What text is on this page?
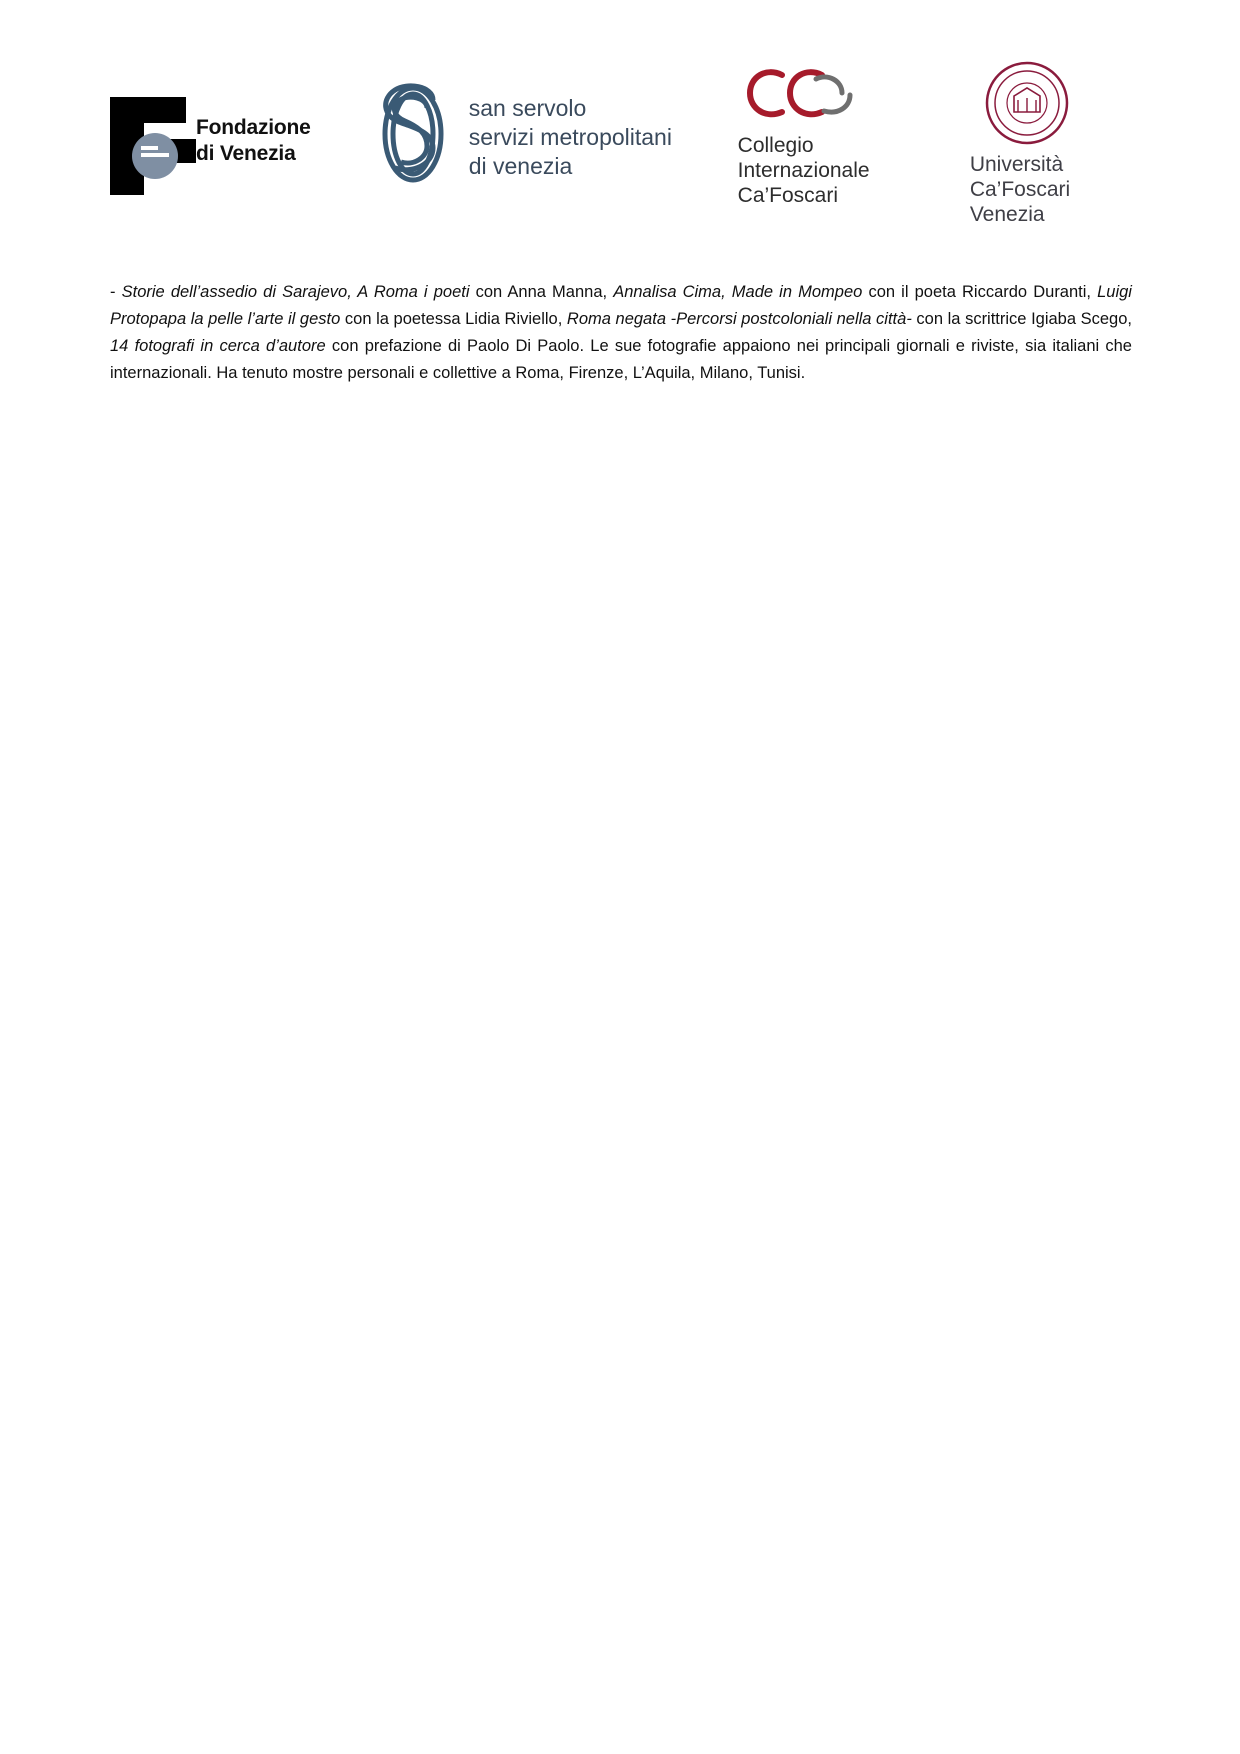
Fondazione
di Venezia
san servolo
servizi metropolitani
di venezia
Collegio
Internazionale
Ca’Foscari
Università
Ca’Foscari
Venezia

- Storie dell’assedio di Sarajevo, A Roma i poeti con Anna Manna, Annalisa Cima, Made in Mompeo con il poeta Riccardo Duranti, Luigi Protopapa la pelle l’arte il gesto con la poetessa Lidia Riviello, Roma negata -Percorsi postcoloniali nella città- con la scrittrice Igiaba Scego, 14 fotografi in cerca d’autore con prefazione di Paolo Di Paolo. Le sue fotografie appaiono nei principali giornali e riviste, sia italiani che internazionali. Ha tenuto mostre personali e collettive a Roma, Firenze, L’Aquila, Milano, Tunisi.
